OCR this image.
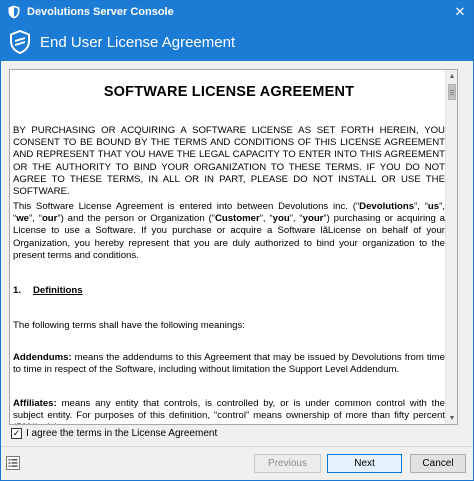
Devolutions Server Console	✕
End User License Agreement
SOFTWARE LICENSE AGREEMENT
BY PURCHASING OR ACQUIRING A SOFTWARE LICENSE AS SET FORTH HEREIN, YOU CONSENT TO BE BOUND BY THE TERMS AND CONDITIONS OF THIS LICENSE AGREEMENT AND REPRESENT THAT YOU HAVE THE LEGAL CAPACITY TO ENTER INTO THIS AGREEMENT OR THE AUTHORITY TO BIND YOUR ORGANIZATION TO THESE TERMS. IF YOU DO NOT AGREE TO THESE TERMS, IN ALL OR IN PART, PLEASE DO NOT INSTALL OR USE THE SOFTWARE.
This Software License Agreement is entered into between Devolutions inc. (“Devolutions”, “us”, “we”, “our”) and the person or Organization (“Customer”, “you”, “your”) purchasing or acquiring a License to use a Software. If you purchase or acquire a Software lãLicense on behalf of your Organization, you hereby represent that you are duly authorized to bind your organization to the present terms and conditions.
1. Definitions
The following terms shall have the following meanings:
Addendums: means the addendums to this Agreement that may be issued by Devolutions from time to time in respect of the Software, including without limitation the Support Level Addendum.
Affiliates: means any entity that controls, is controlled by, or is under common control with the subject entity. For purposes of this definition, “control” means ownership of more than fifty percent
▲
▼
✓ I agree the terms in the License Agreement
Previous	Next	Cancel
